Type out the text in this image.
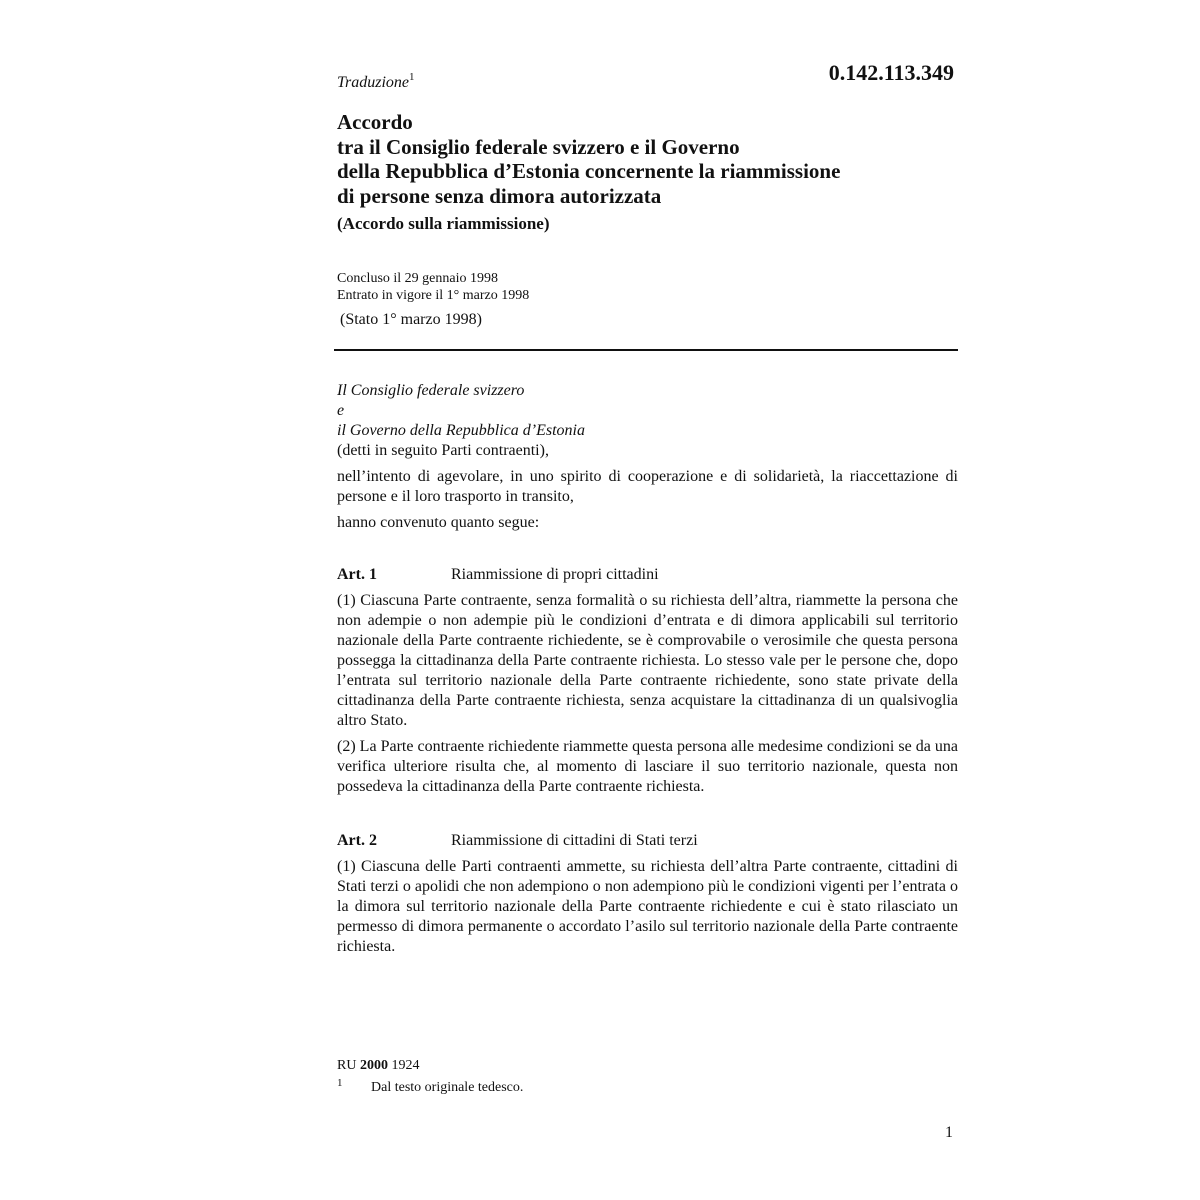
Traduzione$^1$	0.142.113.349
Accordo
tra il Consiglio federale svizzero e il Governo
della Repubblica d’Estonia concernente la riammissione
di persone senza dimora autorizzata
(Accordo sulla riammissione)
Concluso il 29 gennaio 1998
Entrato in vigore il 1° marzo 1998
(Stato 1° marzo 1998)
Il Consiglio federale svizzero
e
il Governo della Repubblica d’Estonia
(detti in seguito Parti contraenti),

nell’intento di agevolare, in uno spirito di cooperazione e di solidarietà, la riaccettazione di persone e il loro trasporto in transito,

hanno convenuto quanto segue:

Art. 1	Riammissione di propri cittadini

(1) Ciascuna Parte contraente, senza formalità o su richiesta dell’altra, riammette la persona che non adempie o non adempie più le condizioni d’entrata e di dimora applicabili sul territorio nazionale della Parte contraente richiedente, se è comprovabile o verosimile che questa persona possegga la cittadinanza della Parte contraente richiesta. Lo stesso vale per le persone che, dopo l’entrata sul territorio nazionale della Parte contraente richiedente, sono state private della cittadinanza della Parte contraente richiesta, senza acquistare la cittadinanza di un qualsivoglia altro Stato.

(2) La Parte contraente richiedente riammette questa persona alle medesime condizioni se da una verifica ulteriore risulta che, al momento di lasciare il suo territorio nazionale, questa non possedeva la cittadinanza della Parte contraente richiesta.

Art. 2	Riammissione di cittadini di Stati terzi

(1) Ciascuna delle Parti contraenti ammette, su richiesta dell’altra Parte contraente, cittadini di Stati terzi o apolidi che non adempiono o non adempiono più le condizioni vigenti per l’entrata o la dimora sul territorio nazionale della Parte contraente richiedente e cui è stato rilasciato un permesso di dimora permanente o accordato l’asilo sul territorio nazionale della Parte contraente richiesta.

RU 2000 1924
1	Dal testo originale tedesco.
1
